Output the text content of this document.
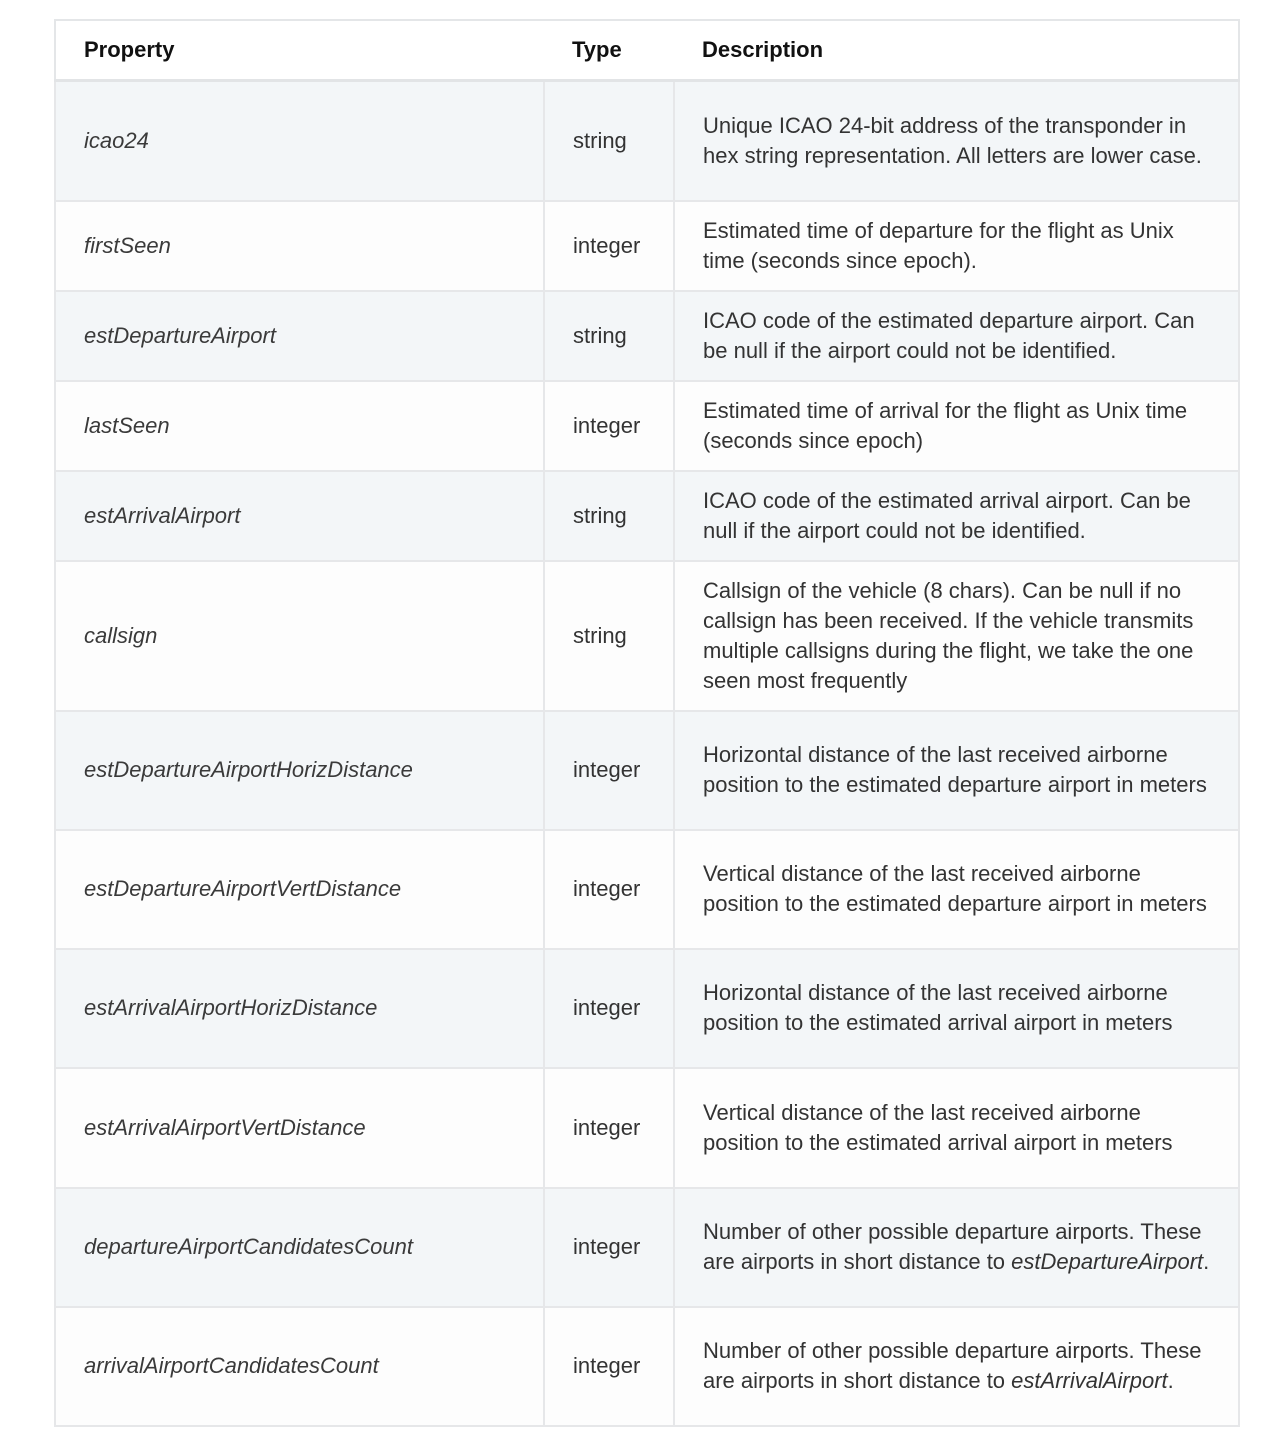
Property	Type	Description
icao24	string	Unique ICAO 24-bit address of the transponder in hex string representation. All letters are lower case.
firstSeen	integer	Estimated time of departure for the flight as Unix time (seconds since epoch).
estDepartureAirport	string	ICAO code of the estimated departure airport. Can be null if the airport could not be identified.
lastSeen	integer	Estimated time of arrival for the flight as Unix time (seconds since epoch)
estArrivalAirport	string	ICAO code of the estimated arrival airport. Can be null if the airport could not be identified.
callsign	string	Callsign of the vehicle (8 chars). Can be null if no callsign has been received. If the vehicle transmits multiple callsigns during the flight, we take the one seen most frequently
estDepartureAirportHorizDistance	integer	Horizontal distance of the last received airborne position to the estimated departure airport in meters
estDepartureAirportVertDistance	integer	Vertical distance of the last received airborne position to the estimated departure airport in meters
estArrivalAirportHorizDistance	integer	Horizontal distance of the last received airborne position to the estimated arrival airport in meters
estArrivalAirportVertDistance	integer	Vertical distance of the last received airborne position to the estimated arrival airport in meters
departureAirportCandidatesCount	integer	Number of other possible departure airports. These are airports in short distance to estDepartureAirport.
arrivalAirportCandidatesCount	integer	Number of other possible departure airports. These are airports in short distance to estArrivalAirport.
